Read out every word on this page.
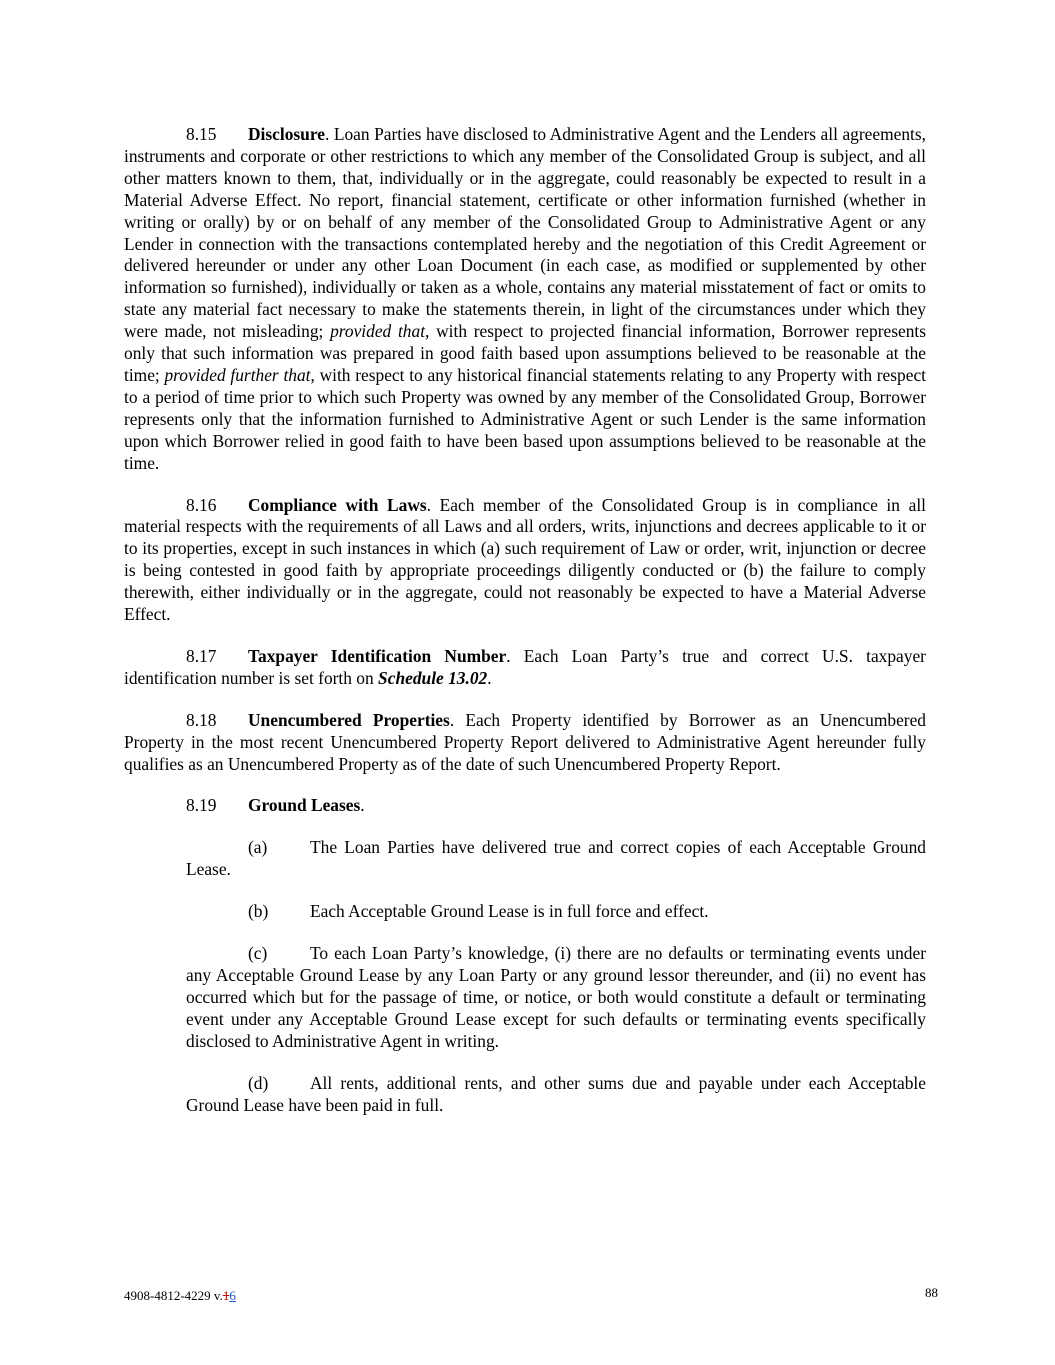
8.15 Disclosure. Loan Parties have disclosed to Administrative Agent and the Lenders all agreements, instruments and corporate or other restrictions to which any member of the Consolidated Group is subject, and all other matters known to them, that, individually or in the aggregate, could reasonably be expected to result in a Material Adverse Effect. No report, financial statement, certificate or other information furnished (whether in writing or orally) by or on behalf of any member of the Consolidated Group to Administrative Agent or any Lender in connection with the transactions contemplated hereby and the negotiation of this Credit Agreement or delivered hereunder or under any other Loan Document (in each case, as modified or supplemented by other information so furnished), individually or taken as a whole, contains any material misstatement of fact or omits to state any material fact necessary to make the statements therein, in light of the circumstances under which they were made, not misleading; provided that, with respect to projected financial information, Borrower represents only that such information was prepared in good faith based upon assumptions believed to be reasonable at the time; provided further that, with respect to any historical financial statements relating to any Property with respect to a period of time prior to which such Property was owned by any member of the Consolidated Group, Borrower represents only that the information furnished to Administrative Agent or such Lender is the same information upon which Borrower relied in good faith to have been based upon assumptions believed to be reasonable at the time.

8.16 Compliance with Laws. Each member of the Consolidated Group is in compliance in all material respects with the requirements of all Laws and all orders, writs, injunctions and decrees applicable to it or to its properties, except in such instances in which (a) such requirement of Law or order, writ, injunction or decree is being contested in good faith by appropriate proceedings diligently conducted or (b) the failure to comply therewith, either individually or in the aggregate, could not reasonably be expected to have a Material Adverse Effect.

8.17 Taxpayer Identification Number. Each Loan Party’s true and correct U.S. taxpayer identification number is set forth on Schedule 13.02.

8.18 Unencumbered Properties. Each Property identified by Borrower as an Unencumbered Property in the most recent Unencumbered Property Report delivered to Administrative Agent hereunder fully qualifies as an Unencumbered Property as of the date of such Unencumbered Property Report.

8.19 Ground Leases.

(a) The Loan Parties have delivered true and correct copies of each Acceptable Ground Lease.

(b) Each Acceptable Ground Lease is in full force and effect.

(c) To each Loan Party’s knowledge, (i) there are no defaults or terminating events under any Acceptable Ground Lease by any Loan Party or any ground lessor thereunder, and (ii) no event has occurred which but for the passage of time, or notice, or both would constitute a default or terminating event under any Acceptable Ground Lease except for such defaults or terminating events specifically disclosed to Administrative Agent in writing.

(d) All rents, additional rents, and other sums due and payable under each Acceptable Ground Lease have been paid in full.

4908-4812-4229 v.16	88
